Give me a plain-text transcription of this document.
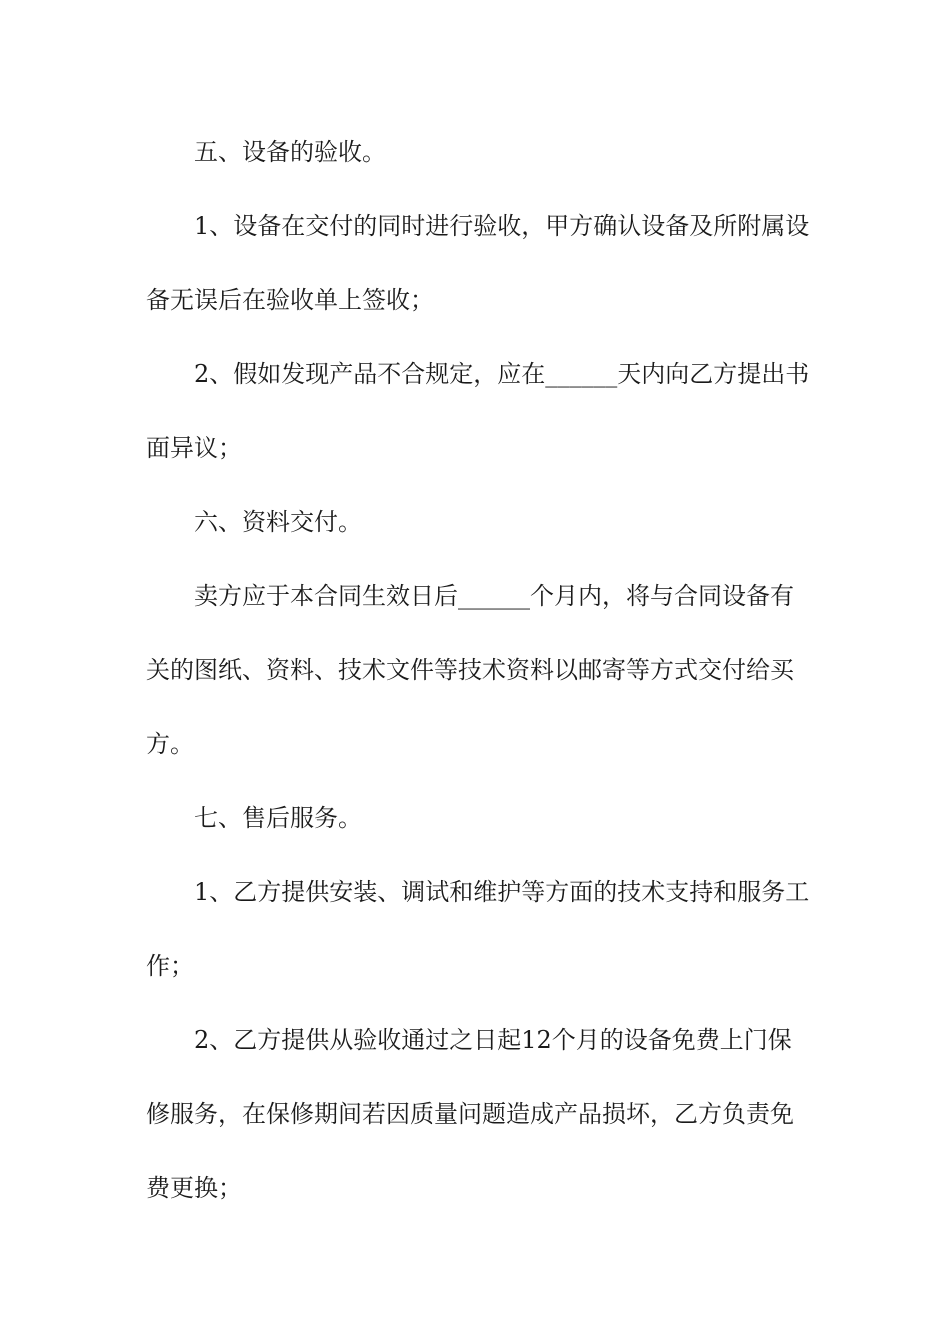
五、设备的验收。

1、设备在交付的同时进行验收，甲方确认设备及所附属设

备无误后在验收单上签收；

2、假如发现产品不合规定，应在______天内向乙方提出书

面异议；

六、资料交付。

卖方应于本合同生效日后______个月内，将与合同设备有

关的图纸、资料、技术文件等技术资料以邮寄等方式交付给买

方。

七、售后服务。

1、乙方提供安装、调试和维护等方面的技术支持和服务工

作；

2、乙方提供从验收通过之日起12个月的设备免费上门保

修服务，在保修期间若因质量问题造成产品损坏，乙方负责免

费更换；
